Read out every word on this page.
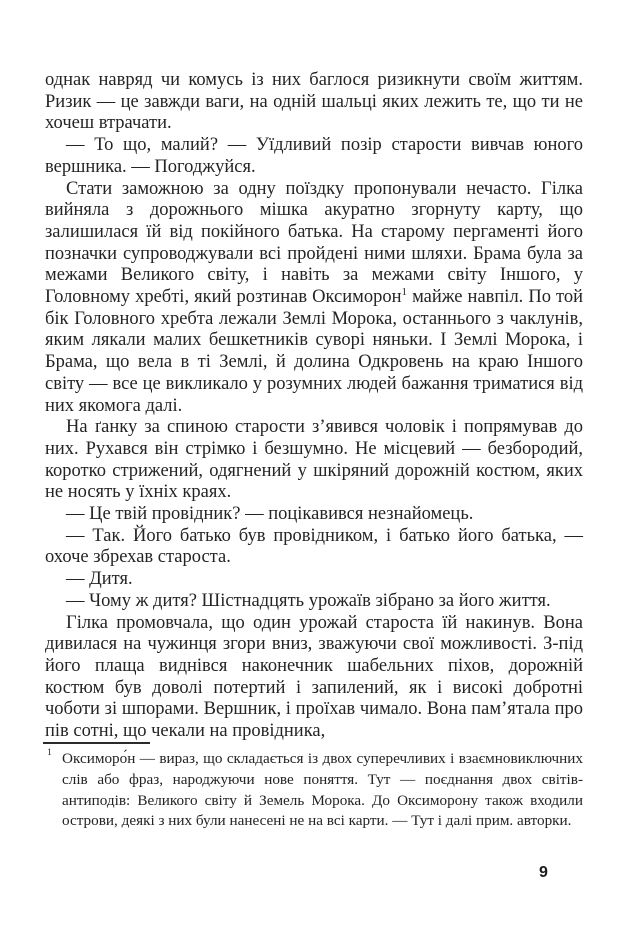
однак навряд чи комусь із них баглося ризикнути своїм життям. Ризик — це завжди ваги, на одній шальці яких лежить те, що ти не хочеш втрачати.

— То що, малий? — Уїдливий позір старости вивчав юного вершника. — Погоджуйся.

Стати заможною за одну поїздку пропонували нечасто. Гілка вийняла з дорожнього мішка акуратно згорнуту карту, що залишилася їй від покійного батька. На старому пергаменті його позначки супроводжували всі пройдені ними шляхи. Брама була за межами Великого світу, і навіть за межами світу Іншого, у Головному хребті, який розтинав Оксиморон$^1$ майже навпіл. По той бік Головного хребта лежали Землі Морока, останнього з чаклунів, яким лякали малих бешкетників суворі няньки. І Землі Морока, і Брама, що вела в ті Землі, й долина Одкровень на краю Іншого світу — все це викликало у розумних людей бажання триматися від них якомога далі.

На ґанку за спиною старости з’явився чоловік і попрямував до них. Рухався він стрімко і безшумно. Не місцевий — безбородий, коротко стрижений, одягнений у шкіряний дорожній костюм, яких не носять у їхніх краях.

— Це твій провідник? — поцікавився незнайомець.

— Так. Його батько був провідником, і батько його батька, — охоче збрехав староста.

— Дитя.

— Чому ж дитя? Шістнадцять урожаїв зібрано за його життя.

Гілка промовчала, що один урожай староста їй накинув. Вона дивилася на чужинця згори вниз, зважуючи свої можливості. З-під його плаща виднівся наконечник шабельних піхов, дорожній костюм був доволі потертий і запилений, як і високі добротні чоботи зі шпорами. Вершник, і проїхав чимало. Вона пам’ятала про пів сотні, що чекали на провідника,

1 Оксиморо́н — вираз, що складається із двох суперечливих і взаємновиключних слів або фраз, народжуючи нове поняття. Тут — поєднання двох світів-антиподів: Великого світу й Земель Морока. До Оксиморону також входили острови, деякі з них були нанесені не на всі карти. — Тут і далі прим. авторки.
9
